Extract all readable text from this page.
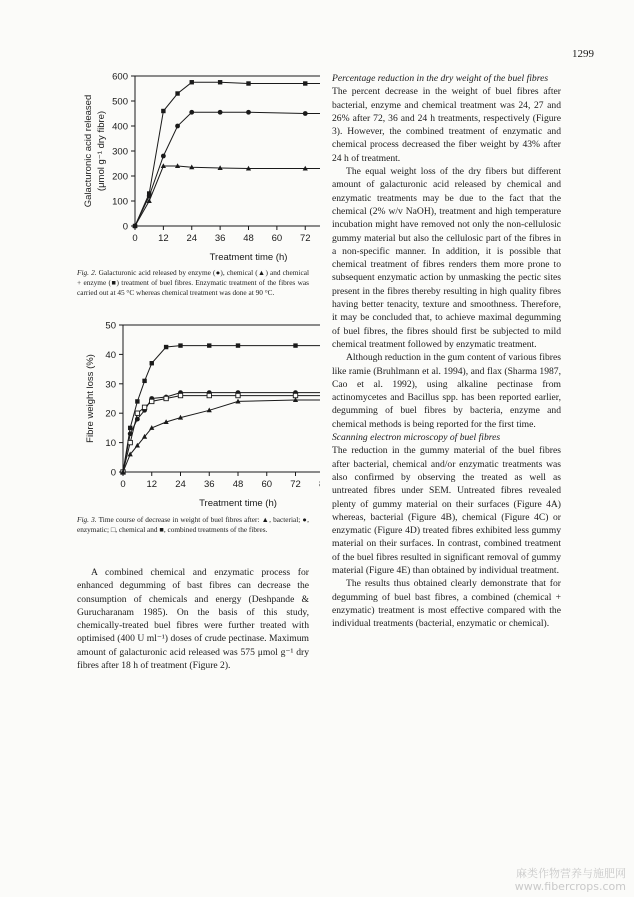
1299
0 12 24 36 48 60 72
0
100
200
300
400
500
600
Treatment time (h)
Galacturonic acid released (μmol g⁻¹ dry fibre)
Fig. 2. Galacturonic acid released by enzyme (●), chemical (▲) and chemical + enzyme (■) treatment of buel fibres. Enzymatic treatment of the fibres was carried out at 45 °C whereas chemical treatment was done at 90 °C.
0 12 24 36 48 60 72
0
10
20
30
40
50
Treatment time (h)
Fibre weight loss (%)
Fig. 3. Time course of decrease in weight of buel fibres after: ▲, bacterial; ●, enzymatic; □, chemical and ■, combined treatments of the fibres.

A combined chemical and enzymatic process for enhanced degumming of bast fibres can decrease the consumption of chemicals and energy (Deshpande & Gurucharanam 1985). On the basis of this study, chemically-treated buel fibres were further treated with optimised (400 U ml⁻¹) doses of crude pectinase. Maximum amount of galacturonic acid released was 575 μmol g⁻¹ dry fibres after 18 h of treatment (Figure 2).

Percentage reduction in the dry weight of the buel fibres

The percent decrease in the weight of buel fibres after bacterial, enzyme and chemical treatment was 24, 27 and 26% after 72, 36 and 24 h treatments, respectively (Figure 3). However, the combined treatment of enzymatic and chemical process decreased the fiber weight by 43% after 24 h of treatment.

The equal weight loss of the dry fibers but different amount of galacturonic acid released by chemical and enzymatic treatments may be due to the fact that the chemical (2% w/v NaOH), treatment and high temperature incubation might have removed not only the non-cellulosic gummy material but also the cellulosic part of the fibres in a non-specific manner. In addition, it is possible that chemical treatment of fibres renders them more prone to subsequent enzymatic action by unmasking the pectic sites present in the fibres thereby resulting in high quality fibres having better tenacity, texture and smoothness. Therefore, it may be concluded that, to achieve maximal degumming of buel fibres, the fibres should first be subjected to mild chemical treatment followed by enzymatic treatment.

Although reduction in the gum content of various fibres like ramie (Bruhlmann et al. 1994), and flax (Sharma 1987, Cao et al. 1992), using alkaline pectinase from actinomycetes and Bacillus spp. has been reported earlier, degumming of buel fibres by bacteria, enzyme and chemical methods is being reported for the first time.

Scanning electron microscopy of buel fibres

The reduction in the gummy material of the buel fibres after bacterial, chemical and/or enzymatic treatments was also confirmed by observing the treated as well as untreated fibres under SEM. Untreated fibres revealed plenty of gummy material on their surfaces (Figure 4A) whereas, bacterial (Figure 4B), chemical (Figure 4C) or enzymatic (Figure 4D) treated fibres exhibited less gummy material on their surfaces. In contrast, combined treatment of the buel fibres resulted in significant removal of gummy material (Figure 4E) than obtained by individual treatment.

The results thus obtained clearly demonstrate that for degumming of buel bast fibres, a combined (chemical + enzymatic) treatment is most effective compared with the individual treatments (bacterial, enzymatic or chemical).

麻类作物营养与施肥网
www.fibercrops.com
